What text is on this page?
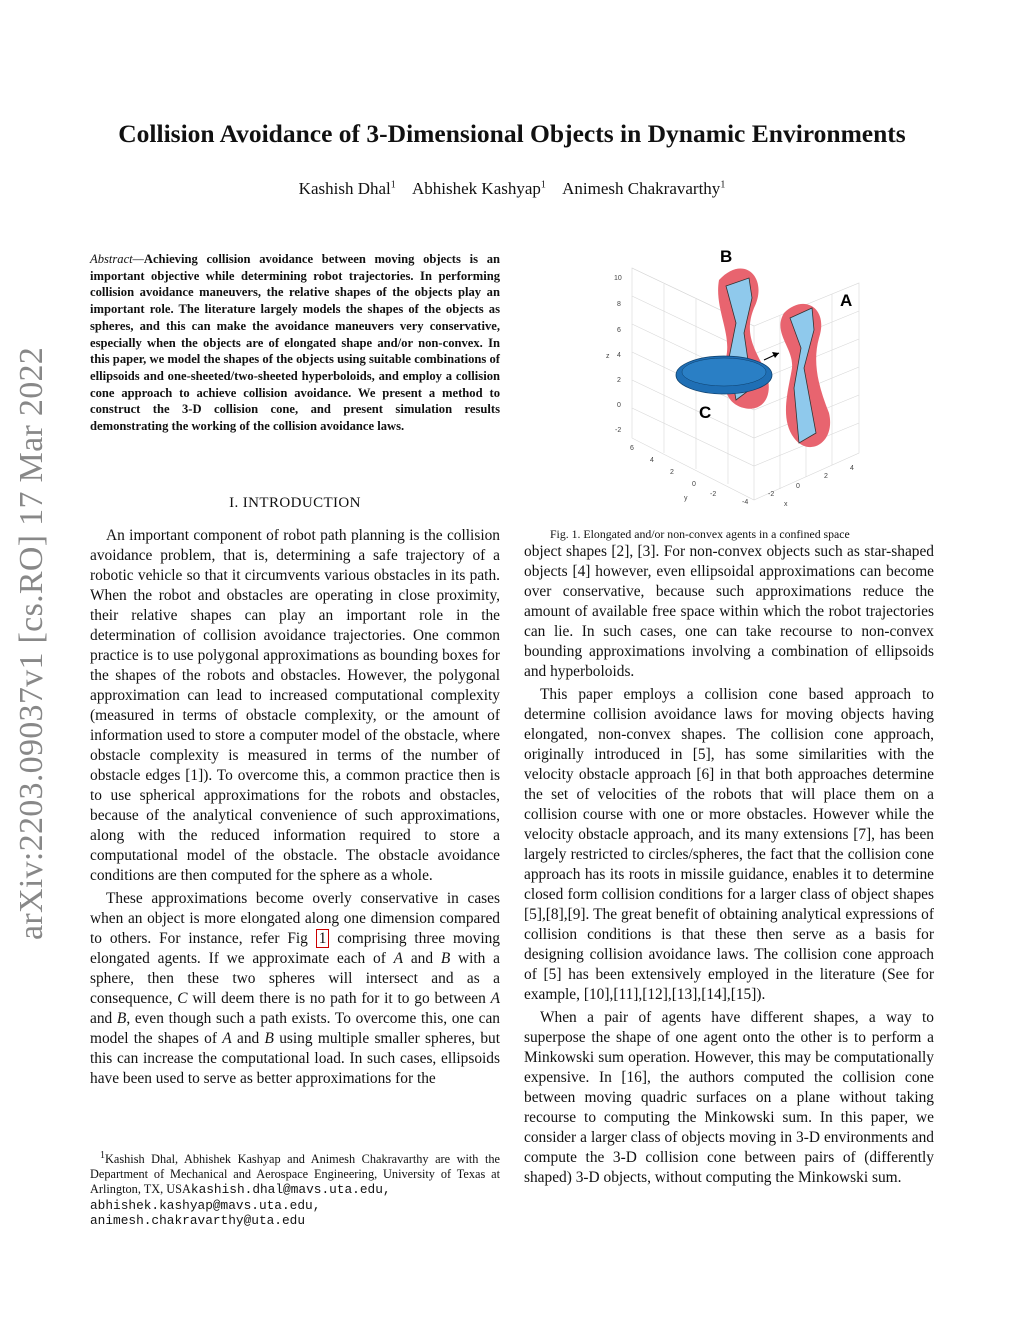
arXiv:2203.09037v1 [cs.RO] 17 Mar 2022
Collision Avoidance of 3-Dimensional Objects in Dynamic Environments
Kashish Dhal$^1$ Abhishek Kashyap$^1$ Animesh Chakravarthy$^1$
Abstract—Achieving collision avoidance between moving objects is an important objective while determining robot trajectories. In performing collision avoidance maneuvers, the relative shapes of the objects play an important role. The literature largely models the shapes of the objects as spheres, and this can make the avoidance maneuvers very conservative, especially when the objects are of elongated shape and/or non-convex. In this paper, we model the shapes of the objects using suitable combinations of ellipsoids and one-sheeted/two-sheeted hyperboloids, and employ a collision cone approach to achieve collision avoidance. We present a method to construct the 3-D collision cone, and present simulation results demonstrating the working of the collision avoidance laws.
I. INTRODUCTION

An important component of robot path planning is the collision avoidance problem, that is, determining a safe trajectory of a robotic vehicle so that it circumvents various obstacles in its path. When the robot and obstacles are operating in close proximity, their relative shapes can play an important role in the determination of collision avoidance trajectories. One common practice is to use polygonal approximations as bounding boxes for the shapes of the robots and obstacles. However, the polygonal approximation can lead to increased computational complexity (measured in terms of obstacle complexity, or the amount of information used to store a computer model of the obstacle, where obstacle complexity is measured in terms of the number of obstacle edges [1]). To overcome this, a common practice then is to use spherical approximations for the robots and obstacles, because of the analytical convenience of such approximations, along with the reduced information required to store a computational model of the obstacle. The obstacle avoidance conditions are then computed for the sphere as a whole.

These approximations become overly conservative in cases when an object is more elongated along one dimension compared to others. For instance, refer Fig 1 comprising three moving elongated agents. If we approximate each of A and B with a sphere, then these two spheres will intersect and as a consequence, C will deem there is no path for it to go between A and B, even though such a path exists. To overcome this, one can model the shapes of A and B using multiple smaller spheres, but this can increase the computational load. In such cases, ellipsoids have been used to serve as better approximations for the

$^1$Kashish Dhal, Abhishek Kashyap and Animesh Chakravarthy are with the Department of Mechanical and Aerospace Engineering, University of Texas at Arlington, TX, USAkashish.dhal@mavs.uta.edu,
abhishek.kashyap@mavs.uta.edu,
animesh.chakravarthy@uta.edu
B
A
C
10
8
6
4
2
0
-2
z
6
4
2
0
-2
-4
y
4
2
0
-2
x
Fig. 1. Elongated and/or non-convex agents in a confined space

object shapes [2], [3]. For non-convex objects such as star-shaped objects [4] however, even ellipsoidal approximations can become over conservative, because such approximations reduce the amount of available free space within which the robot trajectories can lie. In such cases, one can take recourse to non-convex bounding approximations involving a combination of ellipsoids and hyperboloids.

This paper employs a collision cone based approach to determine collision avoidance laws for moving objects having elongated, non-convex shapes. The collision cone approach, originally introduced in [5], has some similarities with the velocity obstacle approach [6] in that both approaches determine the set of velocities of the robots that will place them on a collision course with one or more obstacles. However while the velocity obstacle approach, and its many extensions [7], has been largely restricted to circles/spheres, the fact that the collision cone approach has its roots in missile guidance, enables it to determine closed form collision conditions for a larger class of object shapes [5],[8],[9]. The great benefit of obtaining analytical expressions of collision conditions is that these then serve as a basis for designing collision avoidance laws. The collision cone approach of [5] has been extensively employed in the literature (See for example, [10],[11],[12],[13],[14],[15]).

When a pair of agents have different shapes, a way to superpose the shape of one agent onto the other is to perform a Minkowski sum operation. However, this may be computationally expensive. In [16], the authors computed the collision cone between moving quadric surfaces on a plane without taking recourse to computing the Minkowski sum. In this paper, we consider a larger class of objects moving in 3-D environments and compute the 3-D collision cone between pairs of (differently shaped) 3-D objects, without computing the Minkowski sum.
